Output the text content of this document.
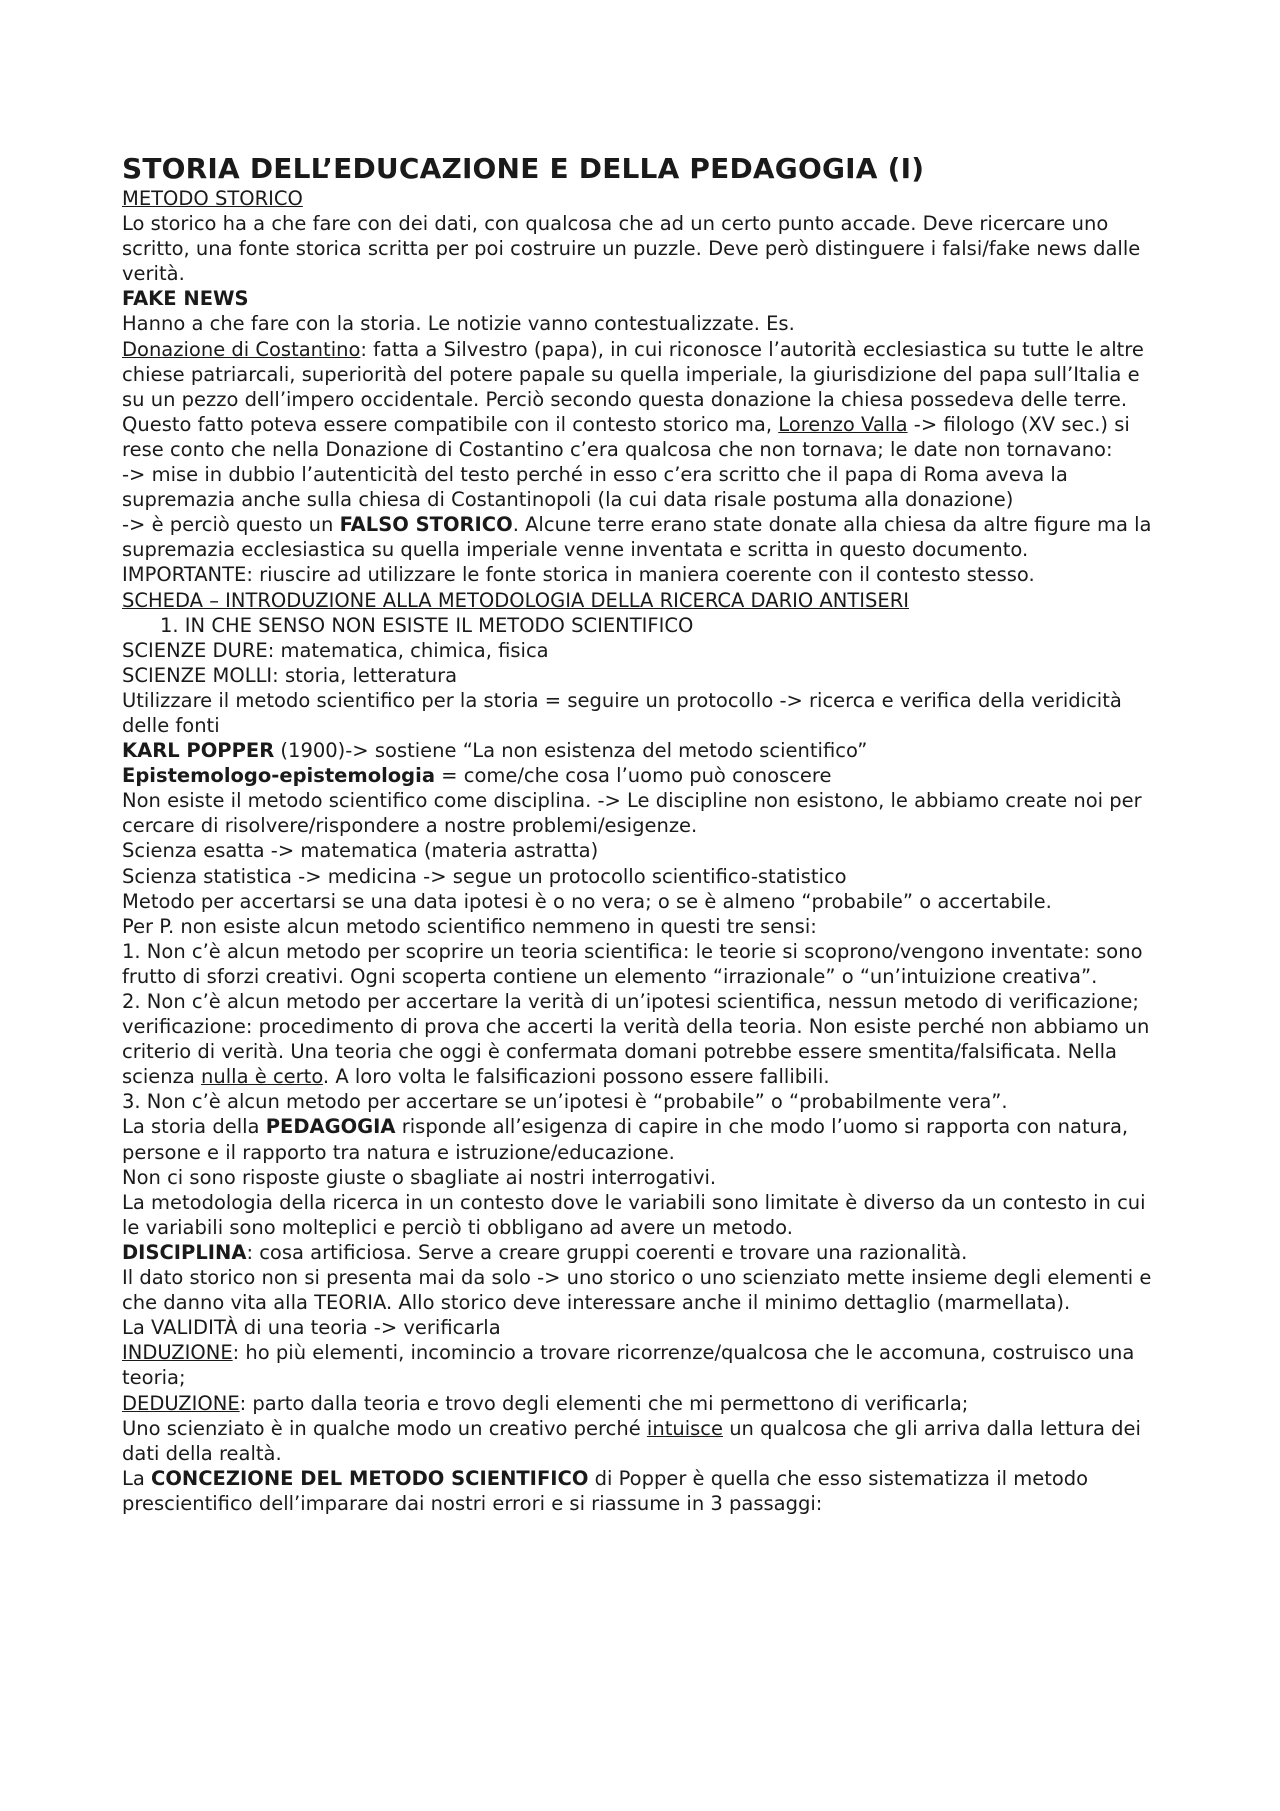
STORIA DELL’EDUCAZIONE E DELLA PEDAGOGIA (I)

METODO STORICO

Lo storico ha a che fare con dei dati, con qualcosa che ad un certo punto accade. Deve ricercare uno scritto, una fonte storica scritta per poi costruire un puzzle. Deve però distinguere i falsi/fake news dalle verità.

FAKE NEWS

Hanno a che fare con la storia. Le notizie vanno contestualizzate. Es.

Donazione di Costantino: fatta a Silvestro (papa), in cui riconosce l’autorità ecclesiastica su tutte le altre chiese patriarcali, superiorità del potere papale su quella imperiale, la giurisdizione del papa sull’Italia e su un pezzo dell’impero occidentale. Perciò secondo questa donazione la chiesa possedeva delle terre.

Questo fatto poteva essere compatibile con il contesto storico ma, Lorenzo Valla -> filologo (XV sec.) si rese conto che nella Donazione di Costantino c’era qualcosa che non tornava; le date non tornavano:

-> mise in dubbio l’autenticità del testo perché in esso c’era scritto che il papa di Roma aveva la supremazia anche sulla chiesa di Costantinopoli (la cui data risale postuma alla donazione)

-> è perciò questo un FALSO STORICO. Alcune terre erano state donate alla chiesa da altre figure ma la supremazia ecclesiastica su quella imperiale venne inventata e scritta in questo documento.

IMPORTANTE: riuscire ad utilizzare le fonte storica in maniera coerente con il contesto stesso.

SCHEDA – INTRODUZIONE ALLA METODOLOGIA DELLA RICERCA DARIO ANTISERI

1. IN CHE SENSO NON ESISTE IL METODO SCIENTIFICO

SCIENZE DURE: matematica, chimica, fisica

SCIENZE MOLLI: storia, letteratura

Utilizzare il metodo scientifico per la storia = seguire un protocollo -> ricerca e verifica della veridicità delle fonti

KARL POPPER (1900)-> sostiene “La non esistenza del metodo scientifico”

Epistemologo-epistemologia = come/che cosa l’uomo può conoscere

Non esiste il metodo scientifico come disciplina. -> Le discipline non esistono, le abbiamo create noi per cercare di risolvere/rispondere a nostre problemi/esigenze.

Scienza esatta -> matematica (materia astratta)

Scienza statistica -> medicina -> segue un protocollo scientifico-statistico

Metodo per accertarsi se una data ipotesi è o no vera; o se è almeno “probabile” o accertabile.

Per P. non esiste alcun metodo scientifico nemmeno in questi tre sensi:

1. Non c’è alcun metodo per scoprire un teoria scientifica: le teorie si scoprono/vengono inventate: sono frutto di sforzi creativi. Ogni scoperta contiene un elemento “irrazionale” o “un’intuizione creativa”.

2. Non c’è alcun metodo per accertare la verità di un’ipotesi scientifica, nessun metodo di verificazione; verificazione: procedimento di prova che accerti la verità della teoria. Non esiste perché non abbiamo un criterio di verità. Una teoria che oggi è confermata domani potrebbe essere smentita/falsificata. Nella scienza nulla è certo. A loro volta le falsificazioni possono essere fallibili.

3. Non c’è alcun metodo per accertare se un’ipotesi è “probabile” o “probabilmente vera”.

La storia della PEDAGOGIA risponde all’esigenza di capire in che modo l’uomo si rapporta con natura, persone e il rapporto tra natura e istruzione/educazione.

Non ci sono risposte giuste o sbagliate ai nostri interrogativi.

La metodologia della ricerca in un contesto dove le variabili sono limitate è diverso da un contesto in cui le variabili sono molteplici e perciò ti obbligano ad avere un metodo.

DISCIPLINA: cosa artificiosa. Serve a creare gruppi coerenti e trovare una razionalità.

Il dato storico non si presenta mai da solo -> uno storico o uno scienziato mette insieme degli elementi e che danno vita alla TEORIA. Allo storico deve interessare anche il minimo dettaglio (marmellata).

La VALIDITÀ di una teoria -> verificarla

INDUZIONE: ho più elementi, incomincio a trovare ricorrenze/qualcosa che le accomuna, costruisco una teoria;

DEDUZIONE: parto dalla teoria e trovo degli elementi che mi permettono di verificarla;

Uno scienziato è in qualche modo un creativo perché intuisce un qualcosa che gli arriva dalla lettura dei dati della realtà.

La CONCEZIONE DEL METODO SCIENTIFICO di Popper è quella che esso sistematizza il metodo prescientifico dell’imparare dai nostri errori e si riassume in 3 passaggi:
